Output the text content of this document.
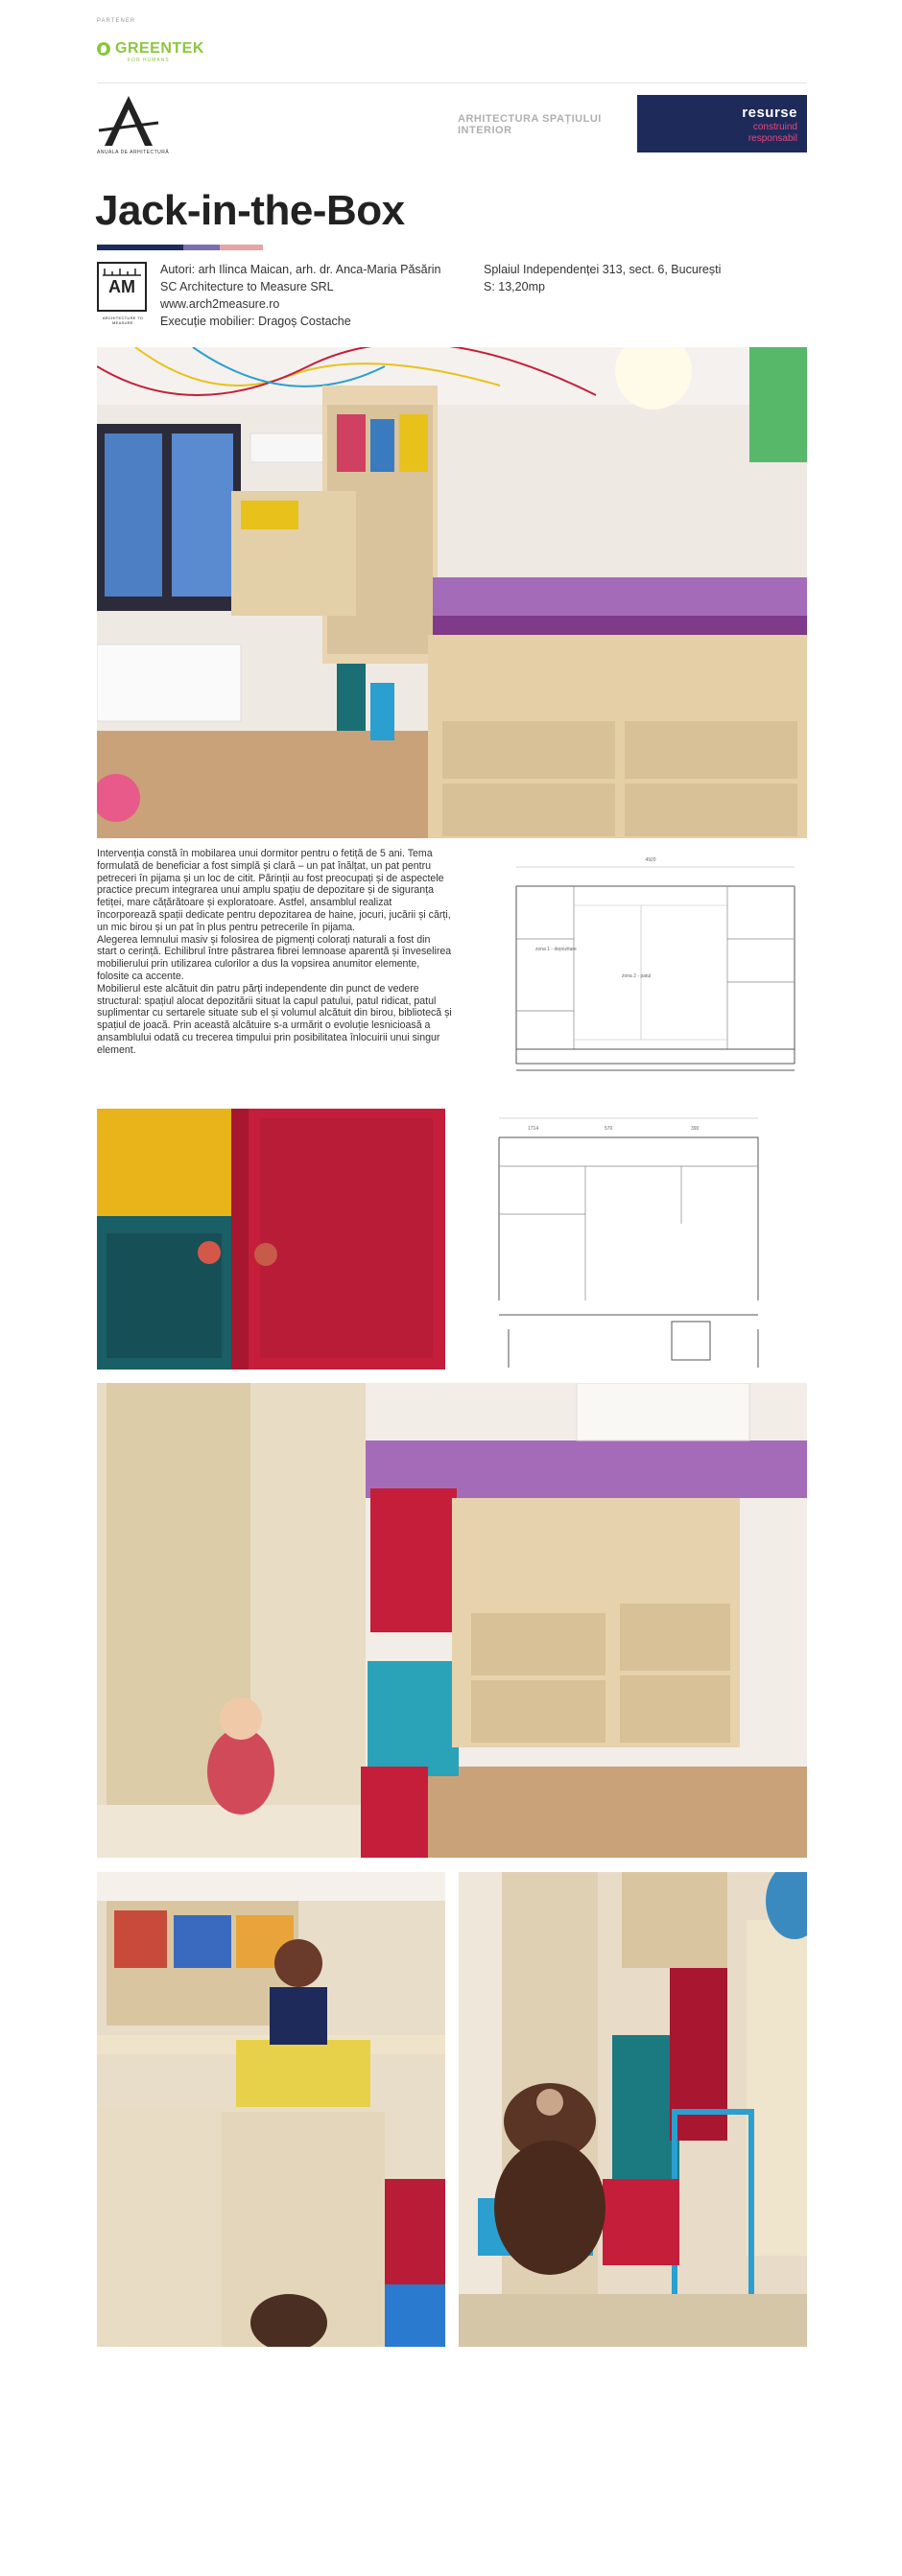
PARTENER
GREENTEK
FOR HUMANS
ANUALA DE ARHITECTURĂ
ARHITECTURA SPAȚIULUI INTERIOR
resurse
construind
responsabil
Jack-in-the-Box
AM
ARCHITECTURE TO MEASURE
Autori: arh Ilinca Maican, arh. dr. Anca-Maria Păsărin
SC Architecture to Measure SRL
www.arch2measure.ro
Execuție mobilier: Dragoș Costache
Splaiul Independenței 313, sect. 6, București
S: 13,20mp

Intervenția constă în mobilarea unui dormitor pentru o fetiță de 5 ani. Tema formulată de beneficiar a fost simplă și clară – un pat înălțat, un pat pentru petreceri în pijama și un loc de citit. Părinții au fost preocupați și de aspectele practice precum integrarea unui amplu spațiu de depozitare și de siguranța fetiței, mare cățărătoare și exploratoare. Astfel, ansamblul realizat încorporează spații dedicate pentru depozitarea de haine, jocuri, jucării și cărți, un mic birou și un pat în plus pentru petrecerile în pijama.

Alegerea lemnului masiv și folosirea de pigmenți colorați naturali a fost din start o cerință. Echilibrul între păstrarea fibrei lemnoase aparentă și înveselirea mobilierului prin utilizarea culorilor a dus la vopsirea anumitor elemente, folosite ca accente.

Mobilierul este alcătuit din patru părți independente din punct de vedere structural: spațiul alocat depozitării situat la capul patului, patul ridicat, patul suplimentar cu sertarele situate sub el și volumul alcătuit din birou, bibliotecă și spațiul de joacă. Prin această alcătuire s-a urmărit o evoluție lesnicioasă a ansamblului odată cu trecerea timpului prin posibilitatea înlocuirii unui singur element.

4920
zona 1 - depozitare
zona 2 - patul
1714	570	390
